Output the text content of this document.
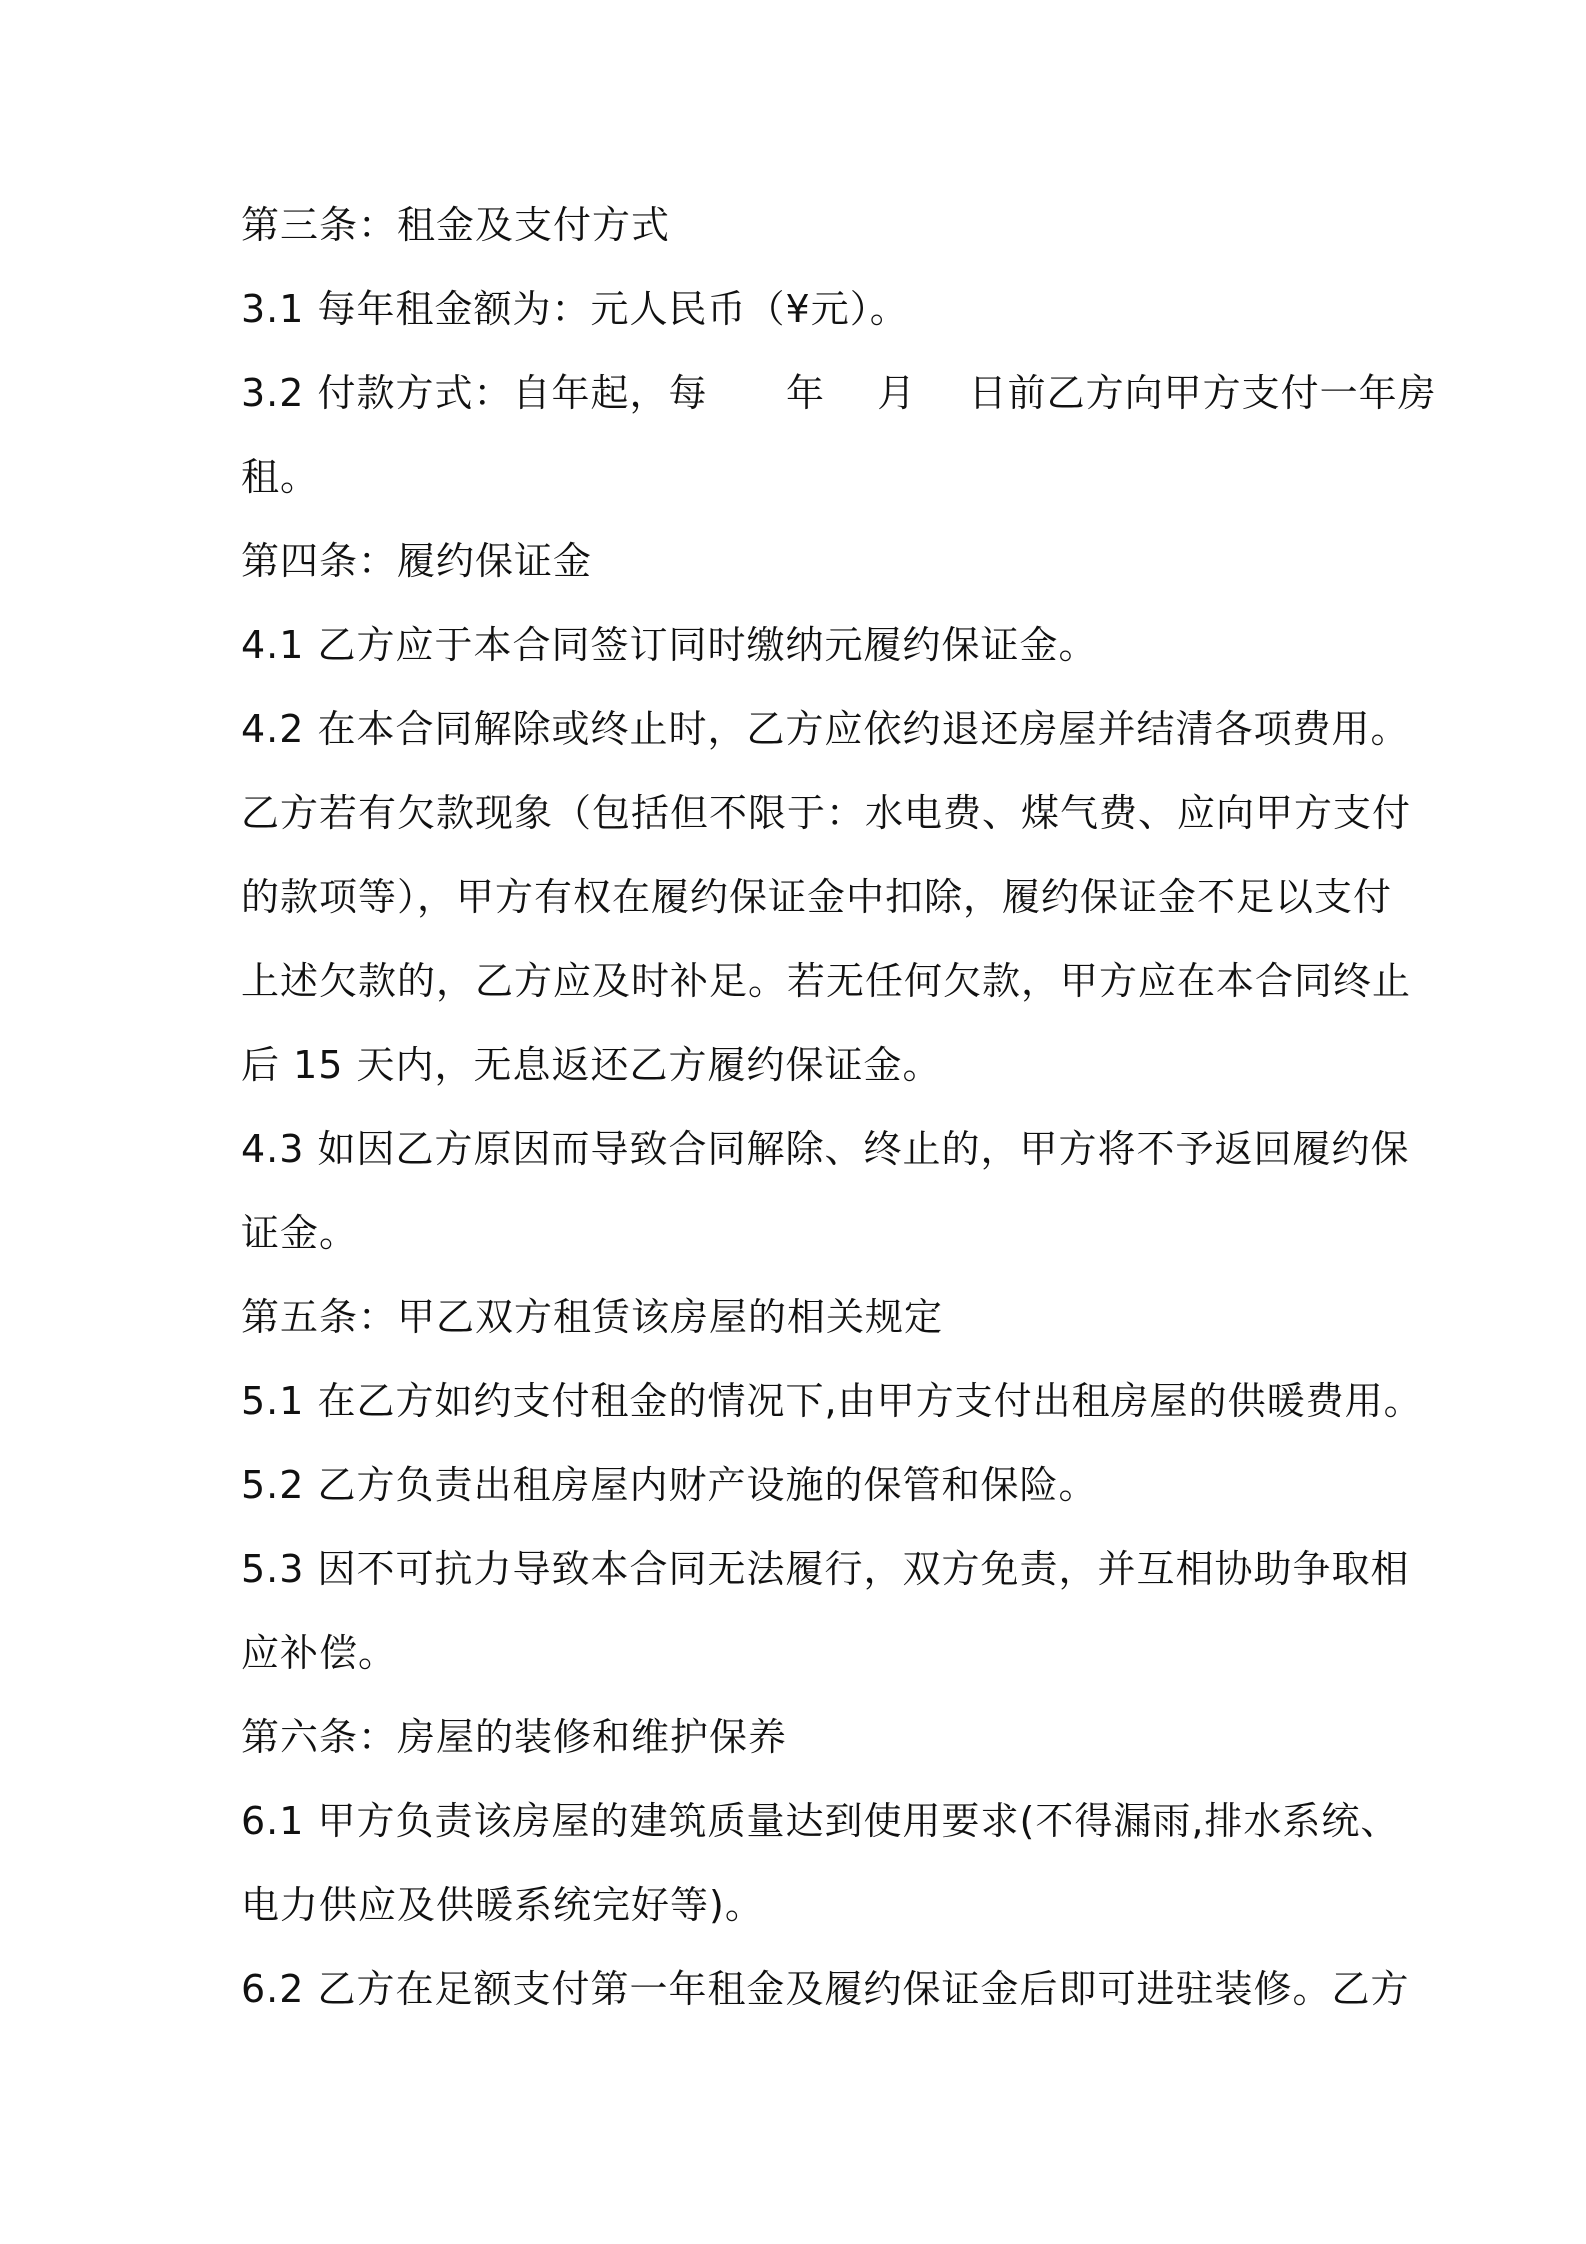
第三条：租金及支付方式
3.1 每年租金额为：元人民币（¥元）。
3.2 付款方式：自年起，每      年    月    日前乙方向甲方支付一年房
租。
第四条：履约保证金
4.1 乙方应于本合同签订同时缴纳元履约保证金。
4.2 在本合同解除或终止时，乙方应依约退还房屋并结清各项费用。
乙方若有欠款现象（包括但不限于：水电费、煤气费、应向甲方支付
的款项等），甲方有权在履约保证金中扣除，履约保证金不足以支付
上述欠款的，乙方应及时补足。若无任何欠款，甲方应在本合同终止
后 15 天内，无息返还乙方履约保证金。
4.3 如因乙方原因而导致合同解除、终止的，甲方将不予返回履约保
证金。
第五条：甲乙双方租赁该房屋的相关规定
5.1 在乙方如约支付租金的情况下,由甲方支付出租房屋的供暖费用。
5.2 乙方负责出租房屋内财产设施的保管和保险。
5.3 因不可抗力导致本合同无法履行，双方免责，并互相协助争取相
应补偿。
第六条：房屋的装修和维护保养
6.1 甲方负责该房屋的建筑质量达到使用要求(不得漏雨,排水系统、
电力供应及供暖系统完好等)。
6.2 乙方在足额支付第一年租金及履约保证金后即可进驻装修。乙方
